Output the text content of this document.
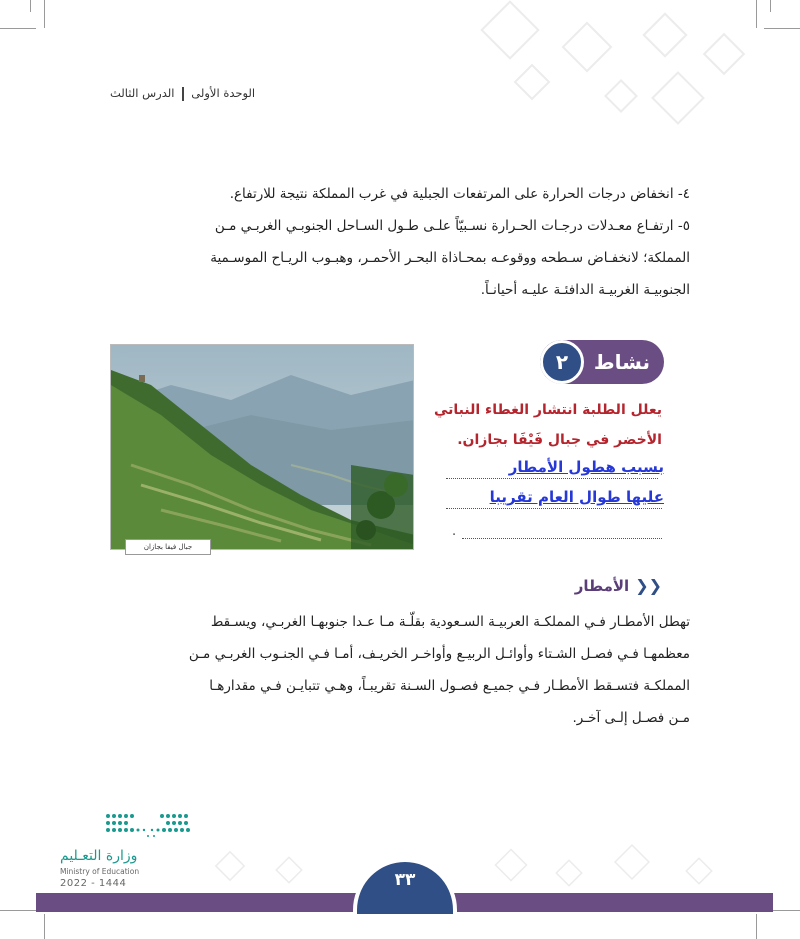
الوحدة الأولى  الدرس الثالث
٤- انخفاض درجات الحرارة على المرتفعات الجبلية في غرب المملكة نتيجة للارتفاع.
٥- ارتفـاع معـدلات درجـات الحـرارة نسـبيّاً علـى طـول السـاحل الجنوبـي الغربـي مـن
المملكة؛ لانخفـاض سـطحه ووقوعـه بمحـاذاة البحـر الأحمـر، وهبـوب الريـاح الموسـمية
الجنوبيـة الغربيـة الدافئـة عليـه أحيانـاً.
نشاط
٢
يعلل الطلبة انتشار الغطاء النباتي
الأخضر في جبال فَيْفَا بجازان.
بسبب هطول الأمطار
عليها طوال العام تقريبا
.
جبال فيفا بجازان
❮❮الأمطار
تهطل الأمطـار فـي المملكـة العربيـة السـعودية بقلّـة مـا عـدا جنوبهـا الغربـي، ويسـقط
معظمهـا فـي فصـل الشـتاء وأوائـل الربيـع وأواخـر الخريـف، أمـا فـي الجنـوب الغربـي مـن
المملكـة فتسـقط الأمطـار فـي جميـع فصـول السـنة تقريبـاً، وهـي تتبايـن فـي مقدارهـا
مـن فصـل إلـى آخـر.
وزارة التعـليم
Ministry of Education
2022 - 1444	٣٣
